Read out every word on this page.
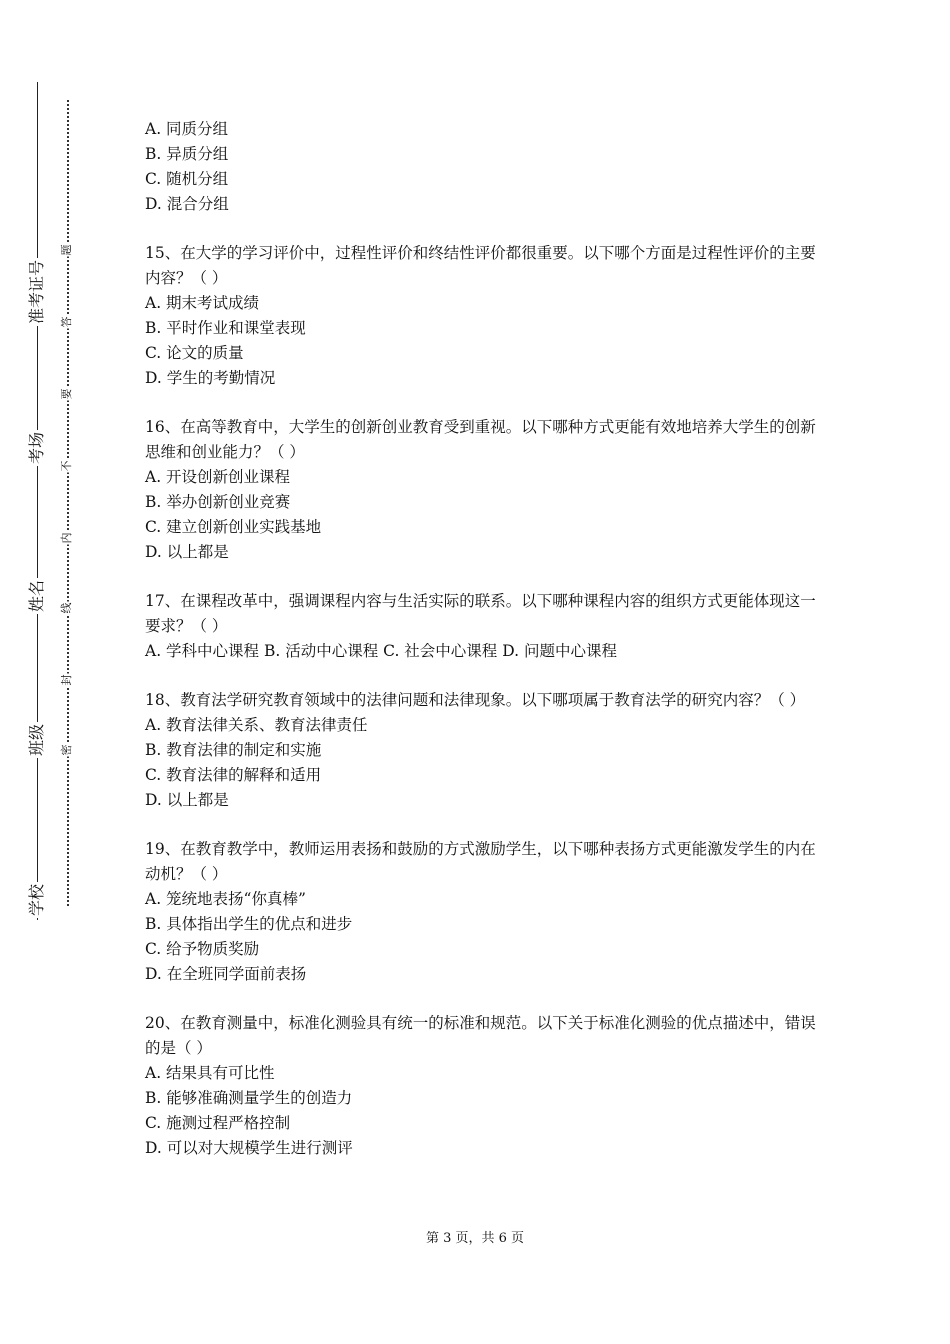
准考证号
考场
姓名
班级
学校
题
答
要
不
内
线
封
密

A. 同质分组

B. 异质分组

C. 随机分组

D. 混合分组

15、在大学的学习评价中，过程性评价和终结性评价都很重要。以下哪个方面是过程性评价的主要内容？（ ）

A. 期末考试成绩

B. 平时作业和课堂表现

C. 论文的质量

D. 学生的考勤情况

16、在高等教育中，大学生的创新创业教育受到重视。以下哪种方式更能有效地培养大学生的创新思维和创业能力？（ ）

A. 开设创新创业课程

B. 举办创新创业竞赛

C. 建立创新创业实践基地

D. 以上都是

17、在课程改革中，强调课程内容与生活实际的联系。以下哪种课程内容的组织方式更能体现这一要求？（ ）

A. 学科中心课程 B. 活动中心课程 C. 社会中心课程 D. 问题中心课程

18、教育法学研究教育领域中的法律问题和法律现象。以下哪项属于教育法学的研究内容？（ ）

A. 教育法律关系、教育法律责任

B. 教育法律的制定和实施

C. 教育法律的解释和适用

D. 以上都是

19、在教育教学中，教师运用表扬和鼓励的方式激励学生，以下哪种表扬方式更能激发学生的内在动机？（ ）

A. 笼统地表扬“你真棒”

B. 具体指出学生的优点和进步

C. 给予物质奖励

D. 在全班同学面前表扬

20、在教育测量中，标准化测验具有统一的标准和规范。以下关于标准化测验的优点描述中，错误的是（ ）

A. 结果具有可比性

B. 能够准确测量学生的创造力

C. 施测过程严格控制

D. 可以对大规模学生进行测评

第 3 页，共 6 页
